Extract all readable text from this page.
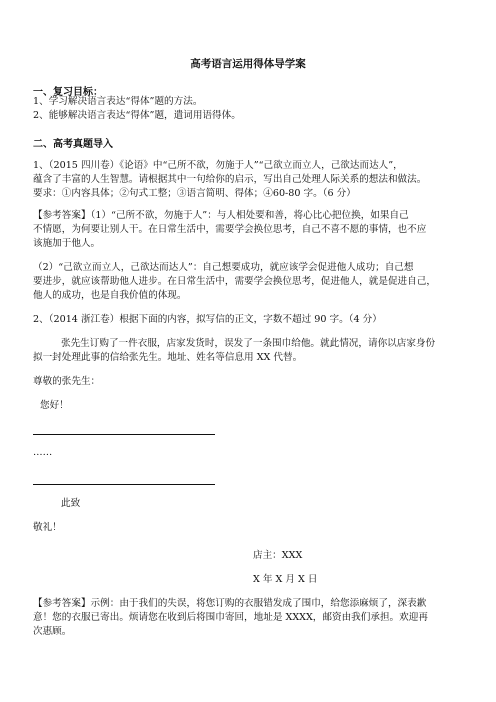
高考语言运用得体导学案
一、复习目标：
1、学习解决语言表达“得体”题的方法。
2、能够解决语言表达“得体”题，遣词用语得体。
二、高考真题导入
1、（2015 四川卷）《论语》中“己所不欲，勿施于人”“己欲立而立人，己欲达而达人”，
蕴含了丰富的人生智慧。请根据其中一句给你的启示，写出自己处理人际关系的想法和做法。
要求：①内容具体；②句式工整；③语言简明、得体；④60-80 字。（6 分）
【参考答案】（1）“己所不欲，勿施于人”：与人相处要和善，将心比心把位换，如果自己
不情愿，为何要让别人干。在日常生活中，需要学会换位思考，自己不喜不愿的事情，也不应
该施加于他人。
（2）“己欲立而立人，己欲达而达人”：自己想要成功，就应该学会促进他人成功；自己想
要进步，就应该帮助他人进步。在日常生活中，需要学会换位思考，促进他人，就是促进自己，
他人的成功，也是自我价值的体现。
2、（2014 浙江卷）根据下面的内容，拟写信的正文，字数不超过 90 字。（4 分）
张先生订购了一件衣服，店家发货时，误发了一条围巾给他。就此情况，请你以店家身份
拟一封处理此事的信给张先生。地址、姓名等信息用 XX 代替。
尊敬的张先生：
您好！
……
此致
敬礼！
店主：XXX
X 年 X 月 X 日
【参考答案】示例：由于我们的失误，将您订购的衣服错发成了围巾，给您添麻烦了，深表歉
意！您的衣服已寄出。烦请您在收到后将围巾寄回，地址是 XXXX，邮资由我们承担。欢迎再
次惠顾。
